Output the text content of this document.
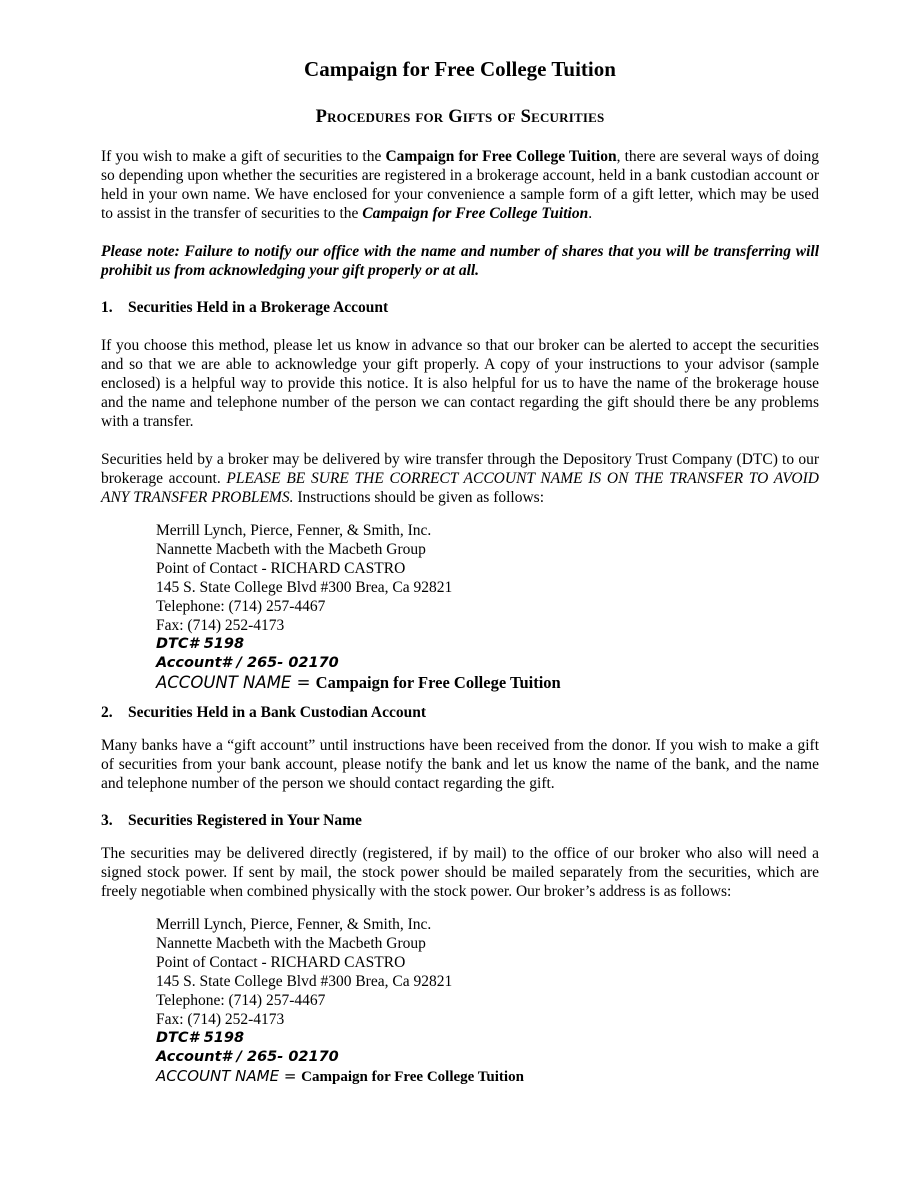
Campaign for Free College Tuition
Procedures for Gifts of Securities

If you wish to make a gift of securities to the Campaign for Free College Tuition, there are several ways of doing so depending upon whether the securities are registered in a brokerage account, held in a bank custodian account or held in your own name. We have enclosed for your convenience a sample form of a gift letter, which may be used to assist in the transfer of securities to the Campaign for Free College Tuition.

Please note: Failure to notify our office with the name and number of shares that you will be transferring will prohibit us from acknowledging your gift properly or at all.

1. Securities Held in a Brokerage Account

If you choose this method, please let us know in advance so that our broker can be alerted to accept the securities and so that we are able to acknowledge your gift properly. A copy of your instructions to your advisor (sample enclosed) is a helpful way to provide this notice. It is also helpful for us to have the name of the brokerage house and the name and telephone number of the person we can contact regarding the gift should there be any problems with a transfer.

Securities held by a broker may be delivered by wire transfer through the Depository Trust Company (DTC) to our brokerage account. PLEASE BE SURE THE CORRECT ACCOUNT NAME IS ON THE TRANSFER TO AVOID ANY TRANSFER PROBLEMS. Instructions should be given as follows:

Merrill Lynch, Pierce, Fenner, & Smith, Inc.
Nannette Macbeth with the Macbeth Group
Point of Contact - RICHARD CASTRO
145 S. State College Blvd #300 Brea, Ca 92821
Telephone: (714) 257-4467
Fax: (714) 252-4173
DTC# 5198
Account# / 265- 02170
ACCOUNT NAME = Campaign for Free College Tuition
2. Securities Held in a Bank Custodian Account

Many banks have a “gift account” until instructions have been received from the donor. If you wish to make a gift of securities from your bank account, please notify the bank and let us know the name of the bank, and the name and telephone number of the person we should contact regarding the gift.

3. Securities Registered in Your Name

The securities may be delivered directly (registered, if by mail) to the office of our broker who also will need a signed stock power. If sent by mail, the stock power should be mailed separately from the securities, which are freely negotiable when combined physically with the stock power. Our broker’s address is as follows:

Merrill Lynch, Pierce, Fenner, & Smith, Inc.
Nannette Macbeth with the Macbeth Group
Point of Contact - RICHARD CASTRO
145 S. State College Blvd #300 Brea, Ca 92821
Telephone: (714) 257-4467
Fax: (714) 252-4173
DTC# 5198
Account# / 265- 02170
ACCOUNT NAME = Campaign for Free College Tuition
